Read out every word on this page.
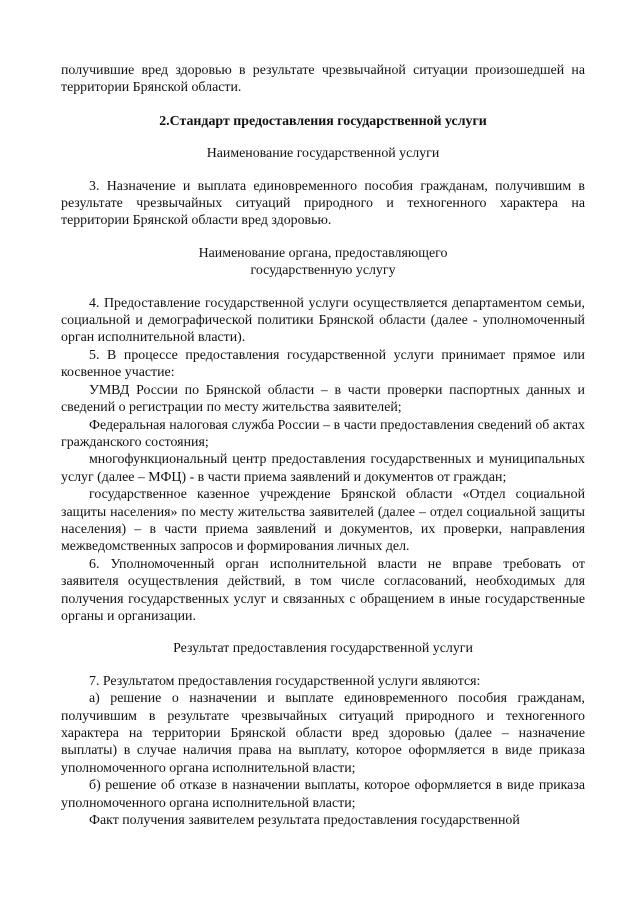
получившие вред здоровью в результате чрезвычайной ситуации произошедшей на территории Брянской области.

2.Стандарт предоставления государственной услуги

Наименование государственной услуги

3. Назначение и выплата единовременного пособия гражданам, получившим в результате чрезвычайных ситуаций природного и техногенного характера на территории Брянской области вред здоровью.

Наименование органа, предоставляющего
государственную услугу

4. Предоставление государственной услуги осуществляется департаментом семьи, социальной и демографической политики Брянской области (далее - уполномоченный орган исполнительной власти).

5. В процессе предоставления государственной услуги принимает прямое или косвенное участие:

УМВД России по Брянской области – в части проверки паспортных данных и сведений о регистрации по месту жительства заявителей;

Федеральная налоговая служба России – в части предоставления сведений об актах гражданского состояния;

многофункциональный центр предоставления государственных и муниципальных услуг (далее – МФЦ) - в части приема заявлений и документов от граждан;

государственное казенное учреждение Брянской области «Отдел социальной защиты населения» по месту жительства заявителей (далее – отдел социальной защиты населения) – в части приема заявлений и документов, их проверки, направления межведомственных запросов и формирования личных дел.

6. Уполномоченный орган исполнительной власти не вправе требовать от заявителя осуществления действий, в том числе согласований, необходимых для получения государственных услуг и связанных с обращением в иные государственные органы и организации.

Результат предоставления государственной услуги

7. Результатом предоставления государственной услуги являются:

а) решение о назначении и выплате единовременного пособия гражданам, получившим в результате чрезвычайных ситуаций природного и техногенного характера на территории Брянской области вред здоровью (далее – назначение выплаты) в случае наличия права на выплату, которое оформляется в виде приказа уполномоченного органа исполнительной власти;

б) решение об отказе в назначении выплаты, которое оформляется в виде приказа уполномоченного органа исполнительной власти;

Факт получения заявителем результата предоставления государственной
